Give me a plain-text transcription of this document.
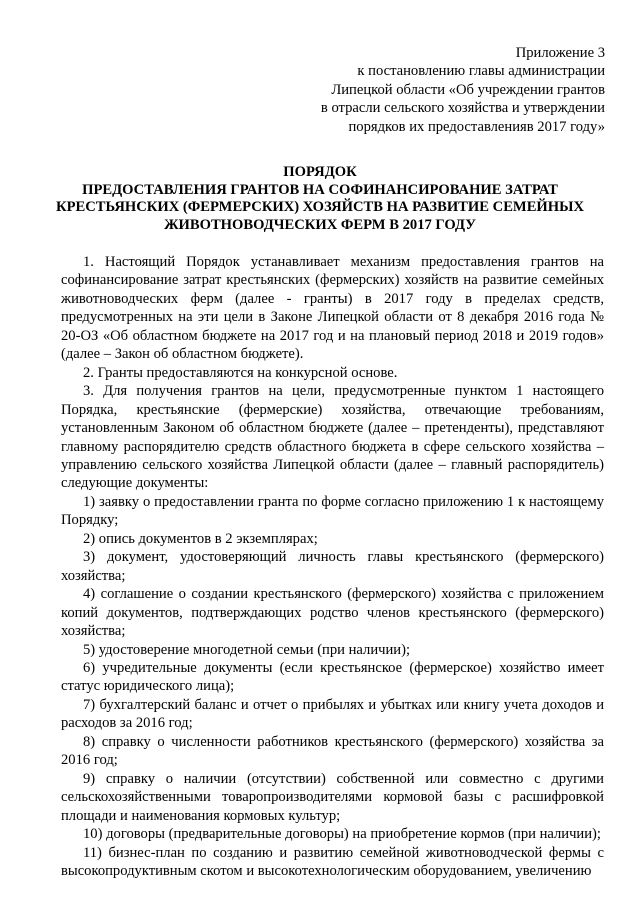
Приложение 3
к постановлению главы администрации
Липецкой области «Об учреждении грантов
в отрасли сельского хозяйства и утверждении
порядков их предоставленияв 2017 году»
ПОРЯДОК
ПРЕДОСТАВЛЕНИЯ ГРАНТОВ НА СОФИНАНСИРОВАНИЕ ЗАТРАТ
КРЕСТЬЯНСКИХ (ФЕРМЕРСКИХ) ХОЗЯЙСТВ НА РАЗВИТИЕ СЕМЕЙНЫХ
ЖИВОТНОВОДЧЕСКИХ ФЕРМ В 2017 ГОДУ

1. Настоящий Порядок устанавливает механизм предоставления грантов на софинансирование затрат крестьянских (фермерских) хозяйств на развитие семейных животноводческих ферм (далее - гранты) в 2017 году в пределах средств, предусмотренных на эти цели в Законе Липецкой области от 8 декабря 2016 года № 20-ОЗ «Об областном бюджете на 2017 год и на плановый период 2018 и 2019 годов» (далее – Закон об областном бюджете).

2. Гранты предоставляются на конкурсной основе.

3. Для получения грантов на цели, предусмотренные пунктом 1 настоящего Порядка, крестьянские (фермерские) хозяйства, отвечающие требованиям, установленным Законом об областном бюджете (далее – претенденты), представляют главному распорядителю средств областного бюджета в сфере сельского хозяйства – управлению сельского хозяйства Липецкой области (далее – главный распорядитель) следующие документы:

1) заявку о предоставлении гранта по форме согласно приложению 1 к настоящему Порядку;

2) опись документов в 2 экземплярах;

3) документ, удостоверяющий личность главы крестьянского (фермерского) хозяйства;

4) соглашение о создании крестьянского (фермерского) хозяйства с приложением копий документов, подтверждающих родство членов крестьянского (фермерского) хозяйства;

5) удостоверение многодетной семьи (при наличии);

6) учредительные документы (если крестьянское (фермерское) хозяйство имеет статус юридического лица);

7) бухгалтерский баланс и отчет о прибылях и убытках или книгу учета доходов и расходов за 2016 год;

8) справку о численности работников крестьянского (фермерского) хозяйства за 2016 год;

9) справку о наличии (отсутствии) собственной или совместно с другими сельскохозяйственными товаропроизводителями кормовой базы с расшифровкой площади и наименования кормовых культур;

10) договоры (предварительные договоры) на приобретение кормов (при наличии);

11) бизнес-план по созданию и развитию семейной животноводческой фермы с высокопродуктивным скотом и высокотехнологическим оборудованием, увеличению
